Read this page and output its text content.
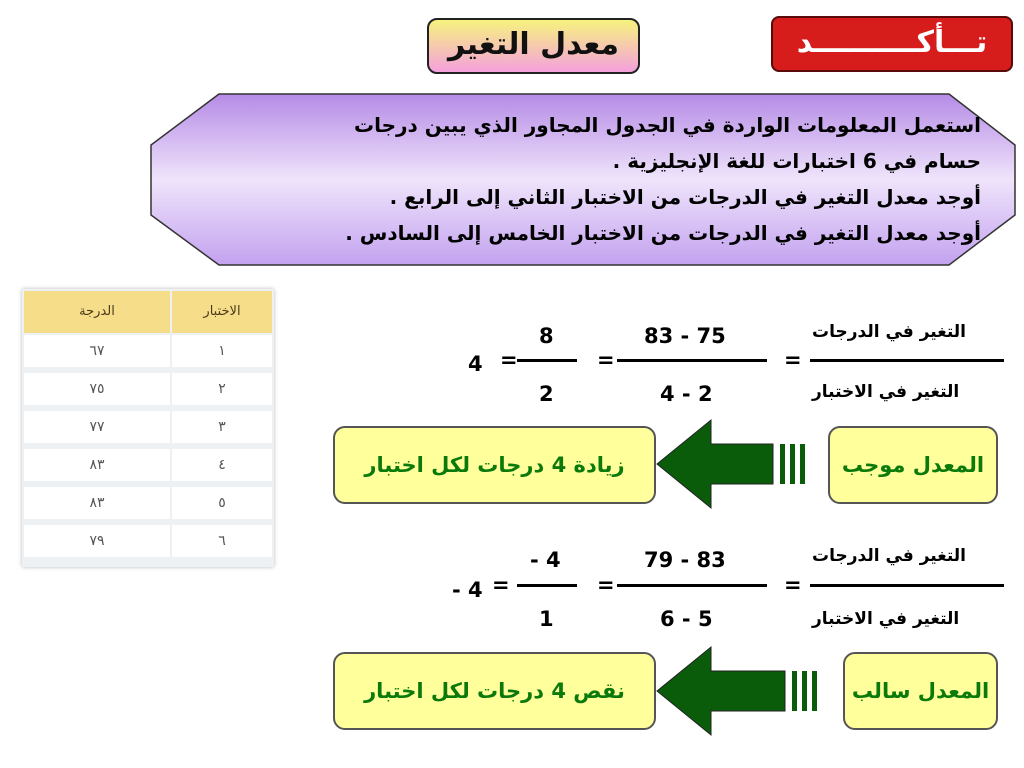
تـــأكــــــــــد
معدل التغير
استعمل المعلومات الواردة في الجدول المجاور الذي يبين درجات
حسام في 6 اختبارات للغة الإنجليزية .
أوجد معدل التغير في الدرجات من الاختبار الثاني إلى الرابع .
أوجد معدل التغير في الدرجات من الاختبار الخامس إلى السادس .
الاختبار
الدرجة
١
٦٧
٢
٧٥
٣
٧٧
٤
٨٣
٥
٨٣
٦
٧٩
التغير في الدرجات
التغير في الاختبار
=
83 - 75
4 - 2
=
8
2
=
4
المعدل موجب
زيادة 4 درجات لكل اختبار
التغير في الدرجات
التغير في الاختبار
=
79 - 83
6 - 5
=
- 4
1
=
- 4
المعدل سالب
نقص 4 درجات لكل اختبار
